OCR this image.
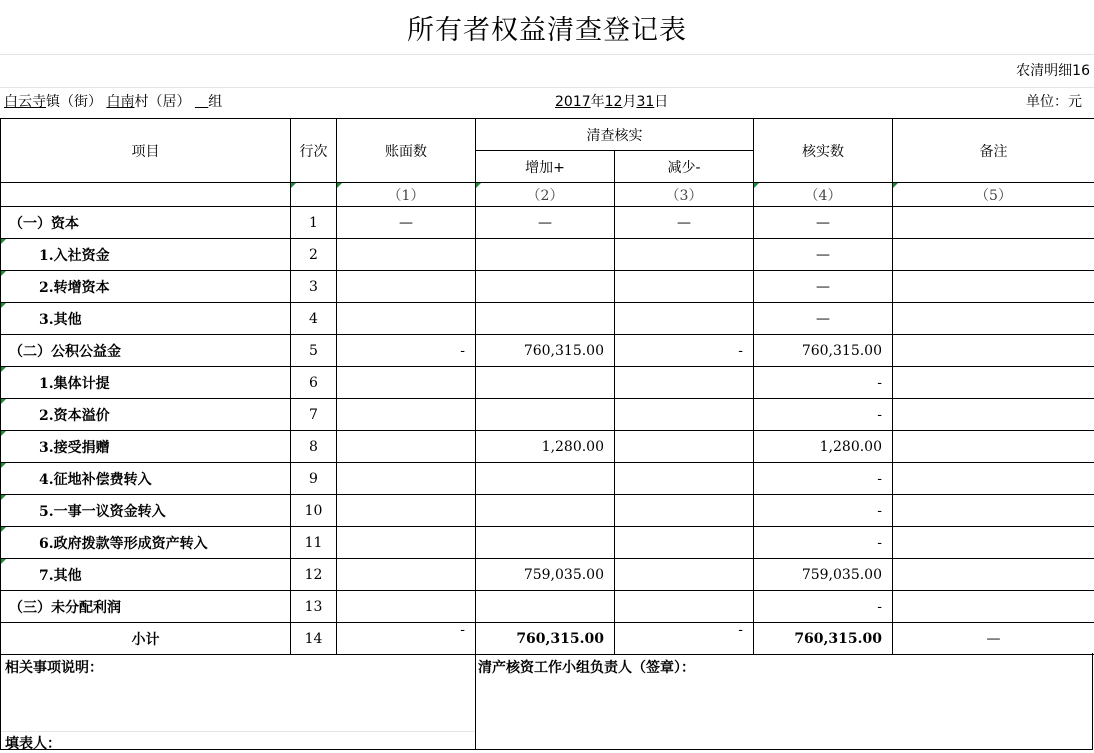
所有者权益清查登记表
农清明细16
白云寺镇（街） 白南村（居） 组	2017年12月31日	单位：元
项目	行次	账面数	清查核实		核实数	备注
			增加+	减少-		
		（1）	（2）	（3）	（4）	（5）
（一）资本	1	—	—	—	—	
1.入社资金	2				—	
2.转增资本	3				—	
3.其他	4				—	
（二）公积公益金	5	-	760,315.00	-	760,315.00	
1.集体计提	6				-	
2.资本溢价	7				-	
3.接受捐赠	8		1,280.00		1,280.00	
4.征地补偿费转入	9				-	
5.一事一议资金转入	10				-	
6.政府拨款等形成资产转入	11				-	
7.其他	12		759,035.00		759,035.00	
（三）未分配利润	13				-	
小计	14	-	760,315.00	-	760,315.00	—
相关事项说明：
填表人：
清产核资工作小组负责人（签章）：
